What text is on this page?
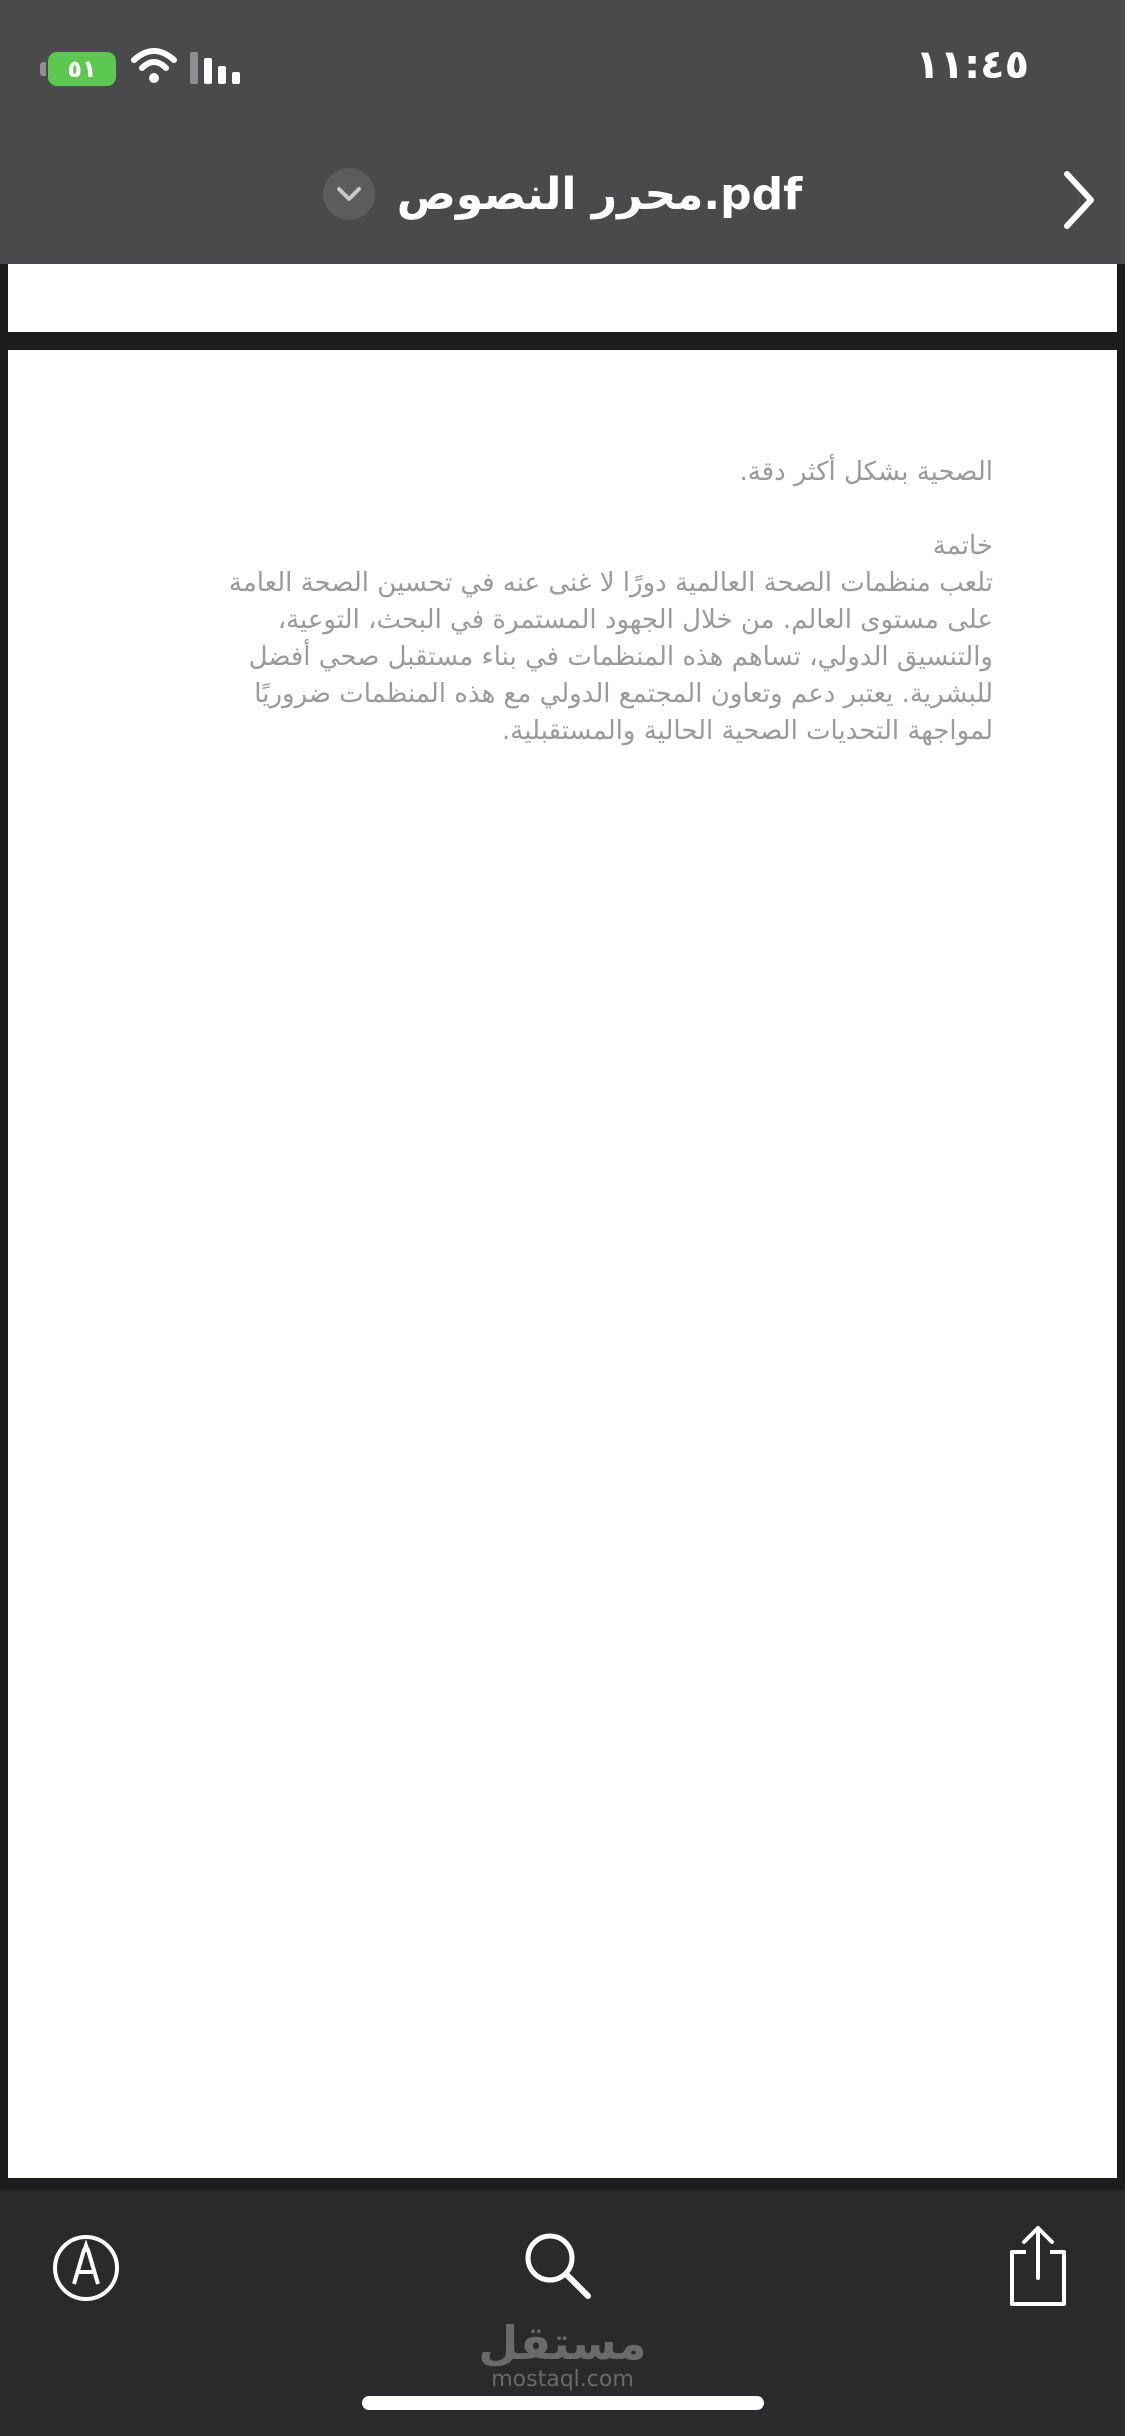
٥١	١١:٤٥
محرر النصوص.pdf

الصحية بشكل أكثر دقة.

خاتمة
تلعب منظمات الصحة العالمية دورًا لا غنى عنه في تحسين الصحة العامة
على مستوى العالم. من خلال الجهود المستمرة في البحث، التوعية،
والتنسيق الدولي، تساهم هذه المنظمات في بناء مستقبل صحي أفضل
للبشرية. يعتبر دعم وتعاون المجتمع الدولي مع هذه المنظمات ضروريًا
لمواجهة التحديات الصحية الحالية والمستقبلية.

مستقل
mostaql.com
